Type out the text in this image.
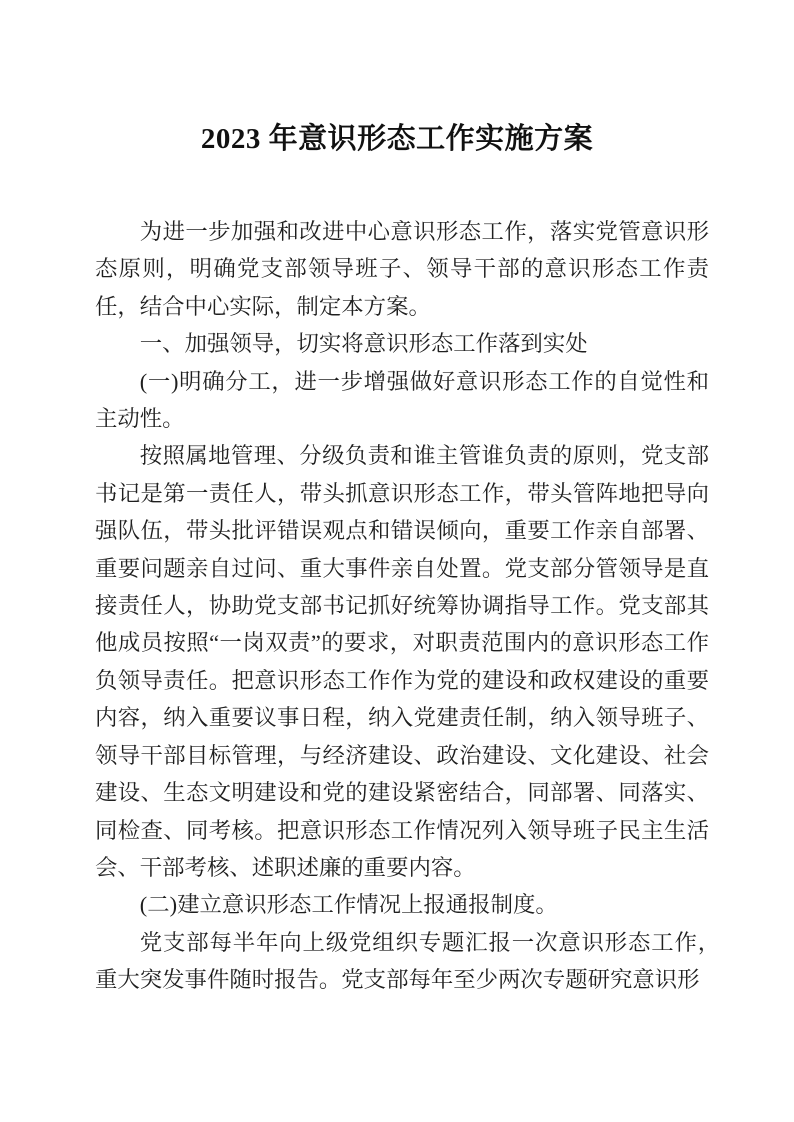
2023 年意识形态工作实施方案

为进一步加强和改进中心意识形态工作，落实党管意识形态原则，明确党支部领导班子、领导干部的意识形态工作责任，结合中心实际，制定本方案。

一、加强领导，切实将意识形态工作落到实处

(一)明确分工，进一步增强做好意识形态工作的自觉性和主动性。

按照属地管理、分级负责和谁主管谁负责的原则，党支部书记是第一责任人，带头抓意识形态工作，带头管阵地把导向强队伍，带头批评错误观点和错误倾向，重要工作亲自部署、重要问题亲自过问、重大事件亲自处置。党支部分管领导是直接责任人，协助党支部书记抓好统筹协调指导工作。党支部其他成员按照“一岗双责”的要求，对职责范围内的意识形态工作负领导责任。把意识形态工作作为党的建设和政权建设的重要内容，纳入重要议事日程，纳入党建责任制，纳入领导班子、领导干部目标管理，与经济建设、政治建设、文化建设、社会建设、生态文明建设和党的建设紧密结合，同部署、同落实、同检查、同考核。把意识形态工作情况列入领导班子民主生活会、干部考核、述职述廉的重要内容。

(二)建立意识形态工作情况上报通报制度。

党支部每半年向上级党组织专题汇报一次意识形态工作，　重大突发事件随时报告。党支部每年至少两次专题研究意识形
